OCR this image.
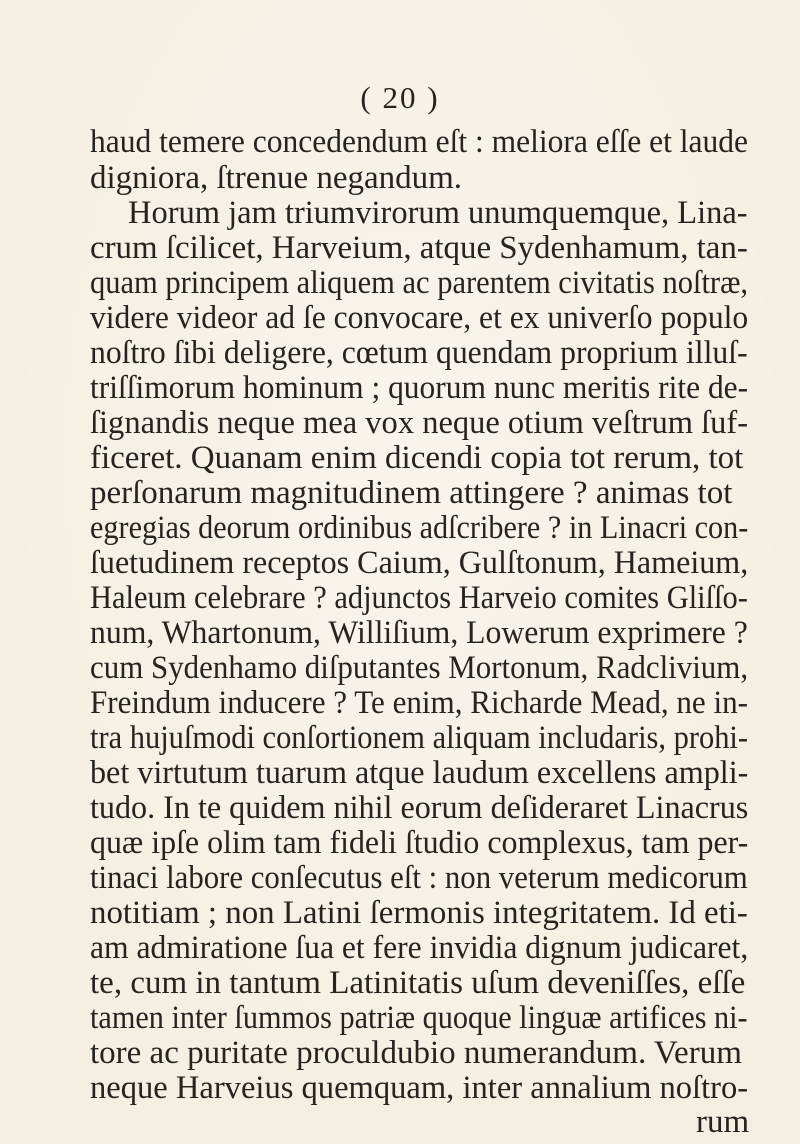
( 20 )
haud temere concedendum eſt : meliora eſſe et laude
digniora, ſtrenue negandum.
Horum jam triumvirorum unumquemque, Lina-
crum ſcilicet, Harveium, atque Sydenhamum, tan-
quam principem aliquem ac parentem civitatis noſtræ,
videre videor ad ſe convocare, et ex univerſo populo
noſtro ſibi deligere, cœtum quendam proprium illuſ-
triſſimorum hominum ; quorum nunc meritis rite de-
ſignandis neque mea vox neque otium veſtrum ſuf-
ficeret. Quanam enim dicendi copia tot rerum, tot
perſonarum magnitudinem attingere ? animas tot
egregias deorum ordinibus adſcribere ? in Linacri con-
ſuetudinem receptos Caium, Gulſtonum, Hameium,
Haleum celebrare ? adjunctos Harveio comites Gliſſo-
num, Whartonum, Williſium, Lowerum exprimere ?
cum Sydenhamo diſputantes Mortonum, Radclivium,
Freindum inducere ? Te enim, Richarde Mead, ne in-
tra hujuſmodi conſortionem aliquam includaris, prohi-
bet virtutum tuarum atque laudum excellens ampli-
tudo. In te quidem nihil eorum deſideraret Linacrus
quæ ipſe olim tam fideli ſtudio complexus, tam per-
tinaci labore conſecutus eſt : non veterum medicorum
notitiam ; non Latini ſermonis integritatem. Id eti-
am admiratione ſua et fere invidia dignum judicaret,
te, cum in tantum Latinitatis uſum deveniſſes, eſſe
tamen inter ſummos patriæ quoque linguæ artifices ni-
tore ac puritate proculdubio numerandum. Verum
neque Harveius quemquam, inter annalium noſtro-
rum
